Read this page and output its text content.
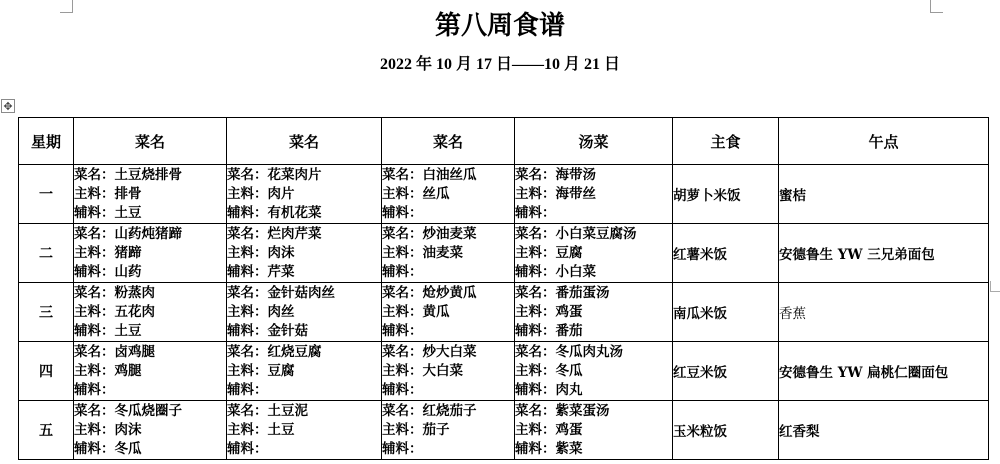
第八周食谱
2022 年 10 月 17 日——10 月 21 日
✥
星期	菜名	菜名	菜名	汤菜	主食	午点
一	菜名：土豆烧排骨
主料：排骨
辅料：土豆	菜名：花菜肉片
主料：肉片
辅料：有机花菜	菜名：白油丝瓜
主料：丝瓜
辅料：	菜名：海带汤
主料：海带丝
辅料：	胡萝卜米饭	蜜桔
二	菜名：山药炖猪蹄
主料：猪蹄
辅料：山药	菜名：烂肉芹菜
主料：肉沫
辅料：芹菜	菜名：炒油麦菜
主料：油麦菜
辅料：	菜名：小白菜豆腐汤
主料：豆腐
辅料：小白菜	红薯米饭	安德鲁生 YW 三兄弟面包
三	菜名：粉蒸肉
主料：五花肉
辅料：土豆	菜名：金针菇肉丝
主料：肉丝
辅料：金针菇	菜名：炝炒黄瓜
主料：黄瓜
辅料：	菜名：番茄蛋汤
主料：鸡蛋
辅料：番茄	南瓜米饭	香蕉
四	菜名：卤鸡腿
主料：鸡腿
辅料：	菜名：红烧豆腐
主料：豆腐
辅料：	菜名：炒大白菜
主料：大白菜
辅料：	菜名：冬瓜肉丸汤
主料：冬瓜
辅料：肉丸	红豆米饭	安德鲁生 YW 扁桃仁圈面包
五	菜名：冬瓜烧圈子
主料：肉沫
辅料：冬瓜	菜名：土豆泥
主料：土豆
辅料：	菜名：红烧茄子
主料：茄子
辅料：	菜名：紫菜蛋汤
主料：鸡蛋
辅料：紫菜	玉米粒饭	红香梨
